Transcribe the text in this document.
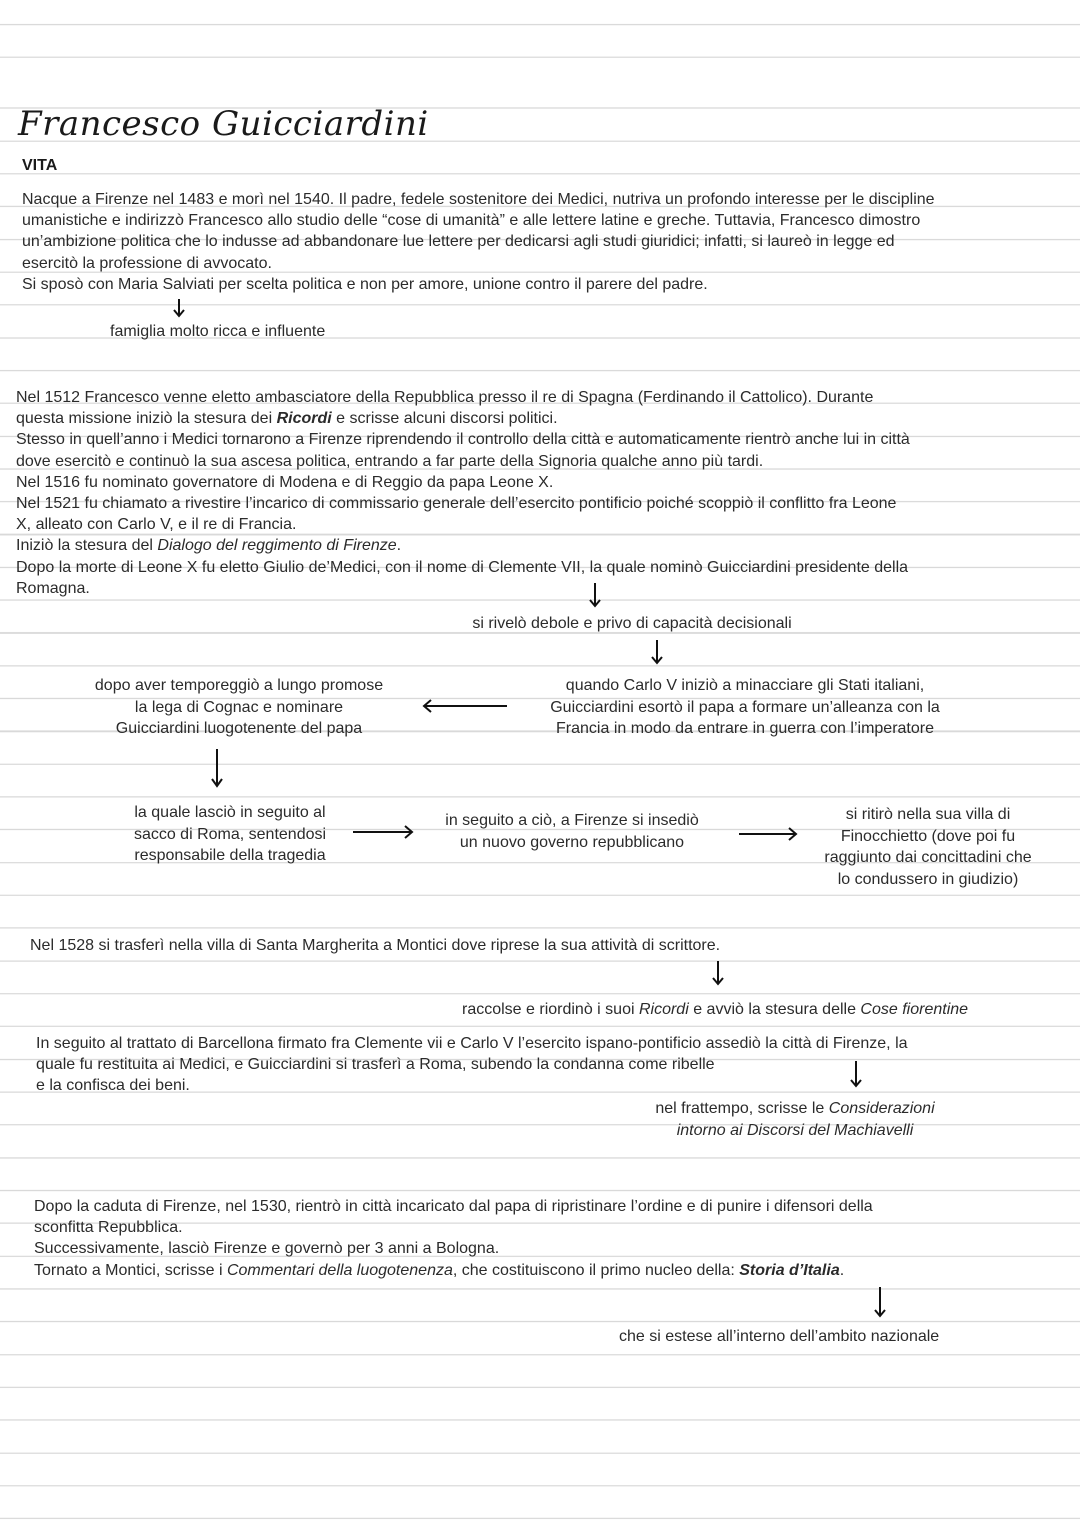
Francesco Guicciardini
VITA

Nacque a Firenze nel 1483 e morì nel 1540. Il padre, fedele sostenitore dei Medici, nutriva un profondo interesse per le discipline

umanistiche e indirizzò Francesco allo studio delle “cose di umanità” e alle lettere latine e greche. Tuttavia, Francesco dimostro

un’ambizione politica che lo indusse ad abbandonare lue lettere per dedicarsi agli studi giuridici; infatti, si laureò in legge ed

esercitò la professione di avvocato.

Si sposò con Maria Salviati per scelta politica e non per amore, unione contro il parere del padre.

famiglia molto ricca e influente

Nel 1512 Francesco venne eletto ambasciatore della Repubblica presso il re di Spagna (Ferdinando il Cattolico). Durante

questa missione iniziò la stesura dei Ricordi e scrisse alcuni discorsi politici.

Stesso in quell’anno i Medici tornarono a Firenze riprendendo il controllo della città e automaticamente rientrò anche lui in città

dove esercitò e continuò la sua ascesa politica, entrando a far parte della Signoria qualche anno più tardi.

Nel 1516 fu nominato governatore di Modena e di Reggio da papa Leone X.

Nel 1521 fu chiamato a rivestire l’incarico di commissario generale dell’esercito pontificio poiché scoppiò il conflitto fra Leone

X, alleato con Carlo V, e il re di Francia.

Iniziò la stesura del Dialogo del reggimento di Firenze.

Dopo la morte di Leone X fu eletto Giulio de’Medici, con il nome di Clemente VII, la quale nominò Guicciardini presidente della

Romagna.

si rivelò debole e privo di capacità decisionali
quando Carlo V iniziò a minacciare gli Stati italiani,
Guicciardini esortò il papa a formare un’alleanza con la
Francia in modo da entrare in guerra con l’imperatore
dopo aver temporeggiò a lungo promose
la lega di Cognac e nominare
Guicciardini luogotenente del papa
la quale lasciò in seguito al
sacco di Roma, sentendosi
responsabile della tragedia
in seguito a ciò, a Firenze si insediò
un nuovo governo repubblicano
si ritirò nella sua villa di
Finocchietto (dove poi fu
raggiunto dai concittadini che
lo condussero in giudizio)
Nel 1528 si trasferì nella villa di Santa Margherita a Montici dove riprese la sua attività di scrittore.
raccolse e riordinò i suoi Ricordi e avviò la stesura delle Cose fiorentine

In seguito al trattato di Barcellona firmato fra Clemente vii e Carlo V l’esercito ispano-pontificio assediò la città di Firenze, la

quale fu restituita ai Medici, e Guicciardini si trasferì a Roma, subendo la condanna come ribelle

e la confisca dei beni.

nel frattempo, scrisse le Considerazioni
intorno ai Discorsi del Machiavelli

Dopo la caduta di Firenze, nel 1530, rientrò in città incaricato dal papa di ripristinare l’ordine e di punire i difensori della

sconfitta Repubblica.

Successivamente, lasciò Firenze e governò per 3 anni a Bologna.

Tornato a Montici, scrisse i Commentari della luogotenenza, che costituiscono il primo nucleo della: Storia d’Italia.

che si estese all’interno dell’ambito nazionale
